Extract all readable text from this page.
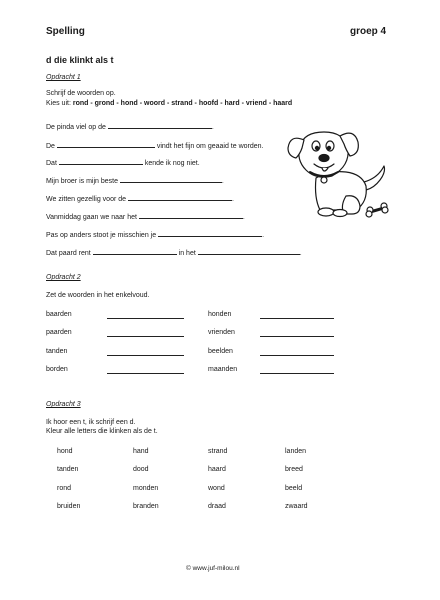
Spelling	groep 4
d die klinkt als t
Opdracht 1
Schrijf de woorden op.
Kies uit: rond - grond - hond - woord - strand - hoofd - hard - vriend - haard
De pinda viel op de	.
De	vindt het fijn om geaaid te worden.
Dat	kende ik nog niet.
Mijn broer is mijn beste	.
We zitten gezellig voor de	.
Vanmiddag gaan we naar het	.
Pas op anders stoot je misschien je	.
Dat paard rent	in het	.
Opdracht 2
Zet de woorden in het enkelvoud.
baarden	honden
paarden	vrienden
tanden	beelden
borden	maanden
Opdracht 3
Ik hoor een t, ik schrijf een d.
Kleur alle letters die klinken als de t.
hond	hand	strand	landen
tanden	dood	haard	breed
rond	monden	wond	beeld
bruiden	branden	draad	zwaard
© www.juf-milou.nl
